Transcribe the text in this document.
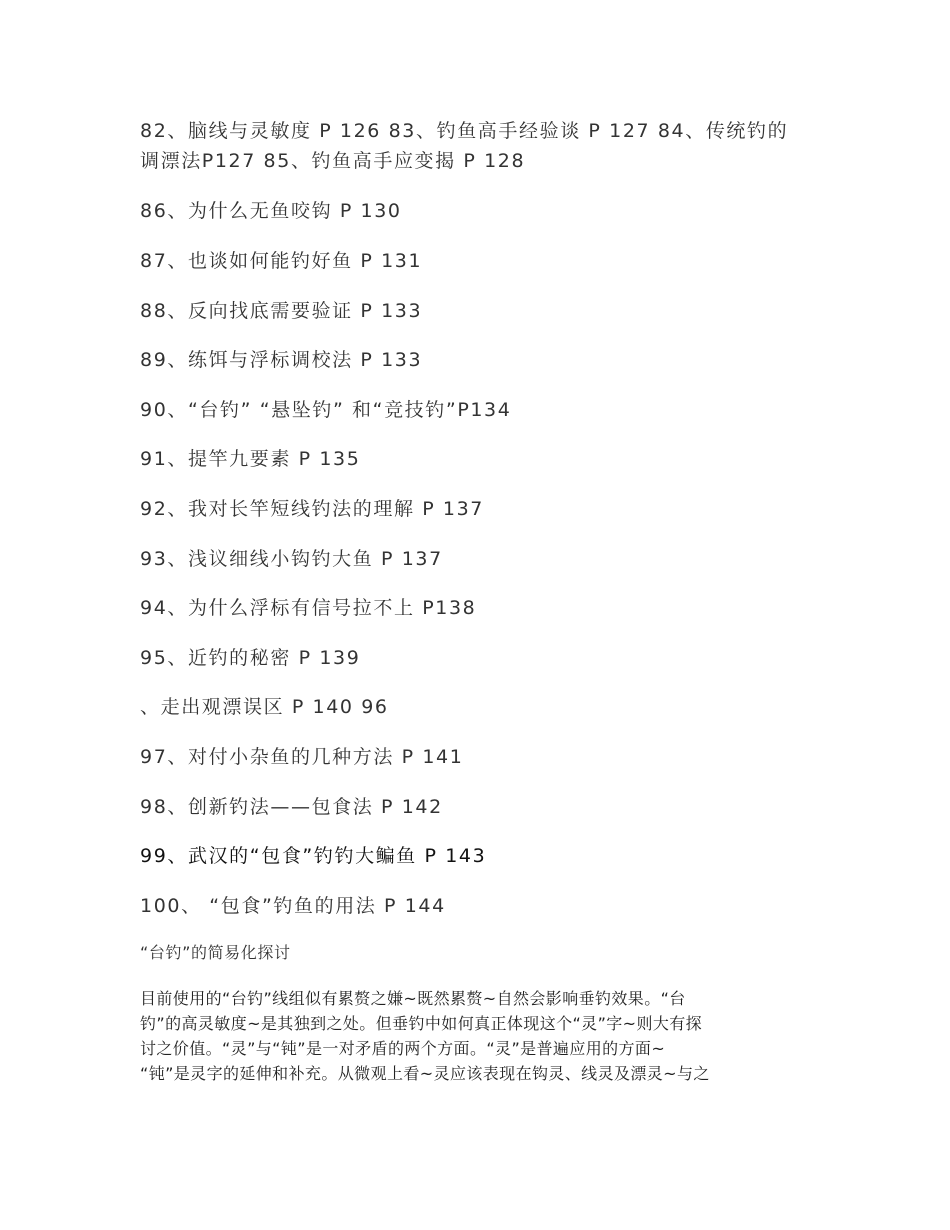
82、脑线与灵敏度 P 126 83、钓鱼高手经验谈 P 127 84、传统钓的
调漂法P127 85、钓鱼高手应变揭 P 128

86、为什么无鱼咬钩 P 130

87、也谈如何能钓好鱼 P 131

88、反向找底需要验证 P 133

89、练饵与浮标调校法 P 133

90、“台钓” “悬坠钓” 和“竞技钓”P134

91、提竿九要素 P 135

92、我对长竿短线钓法的理解 P 137

93、浅议细线小钩钓大鱼 P 137

94、为什么浮标有信号拉不上 P138

95、近钓的秘密 P 139

、走出观漂误区 P 140 96

97、对付小杂鱼的几种方法 P 141

98、创新钓法——包食法 P 142

99、武汉的“包食”钓钓大鳊鱼 P 143

100、 “包食”钓鱼的用法 P 144

“台钓”的简易化探讨
目前使用的“台钓”线组似有累赘之嫌~既然累赘~自然会影响垂钓效果。“台
钓”的高灵敏度~是其独到之处。但垂钓中如何真正体现这个“灵”字~则大有探
讨之价值。“灵”与“钝”是一对矛盾的两个方面。“灵”是普遍应用的方面~
“钝”是灵字的延伸和补充。从微观上看~灵应该表现在钩灵、线灵及漂灵~与之
